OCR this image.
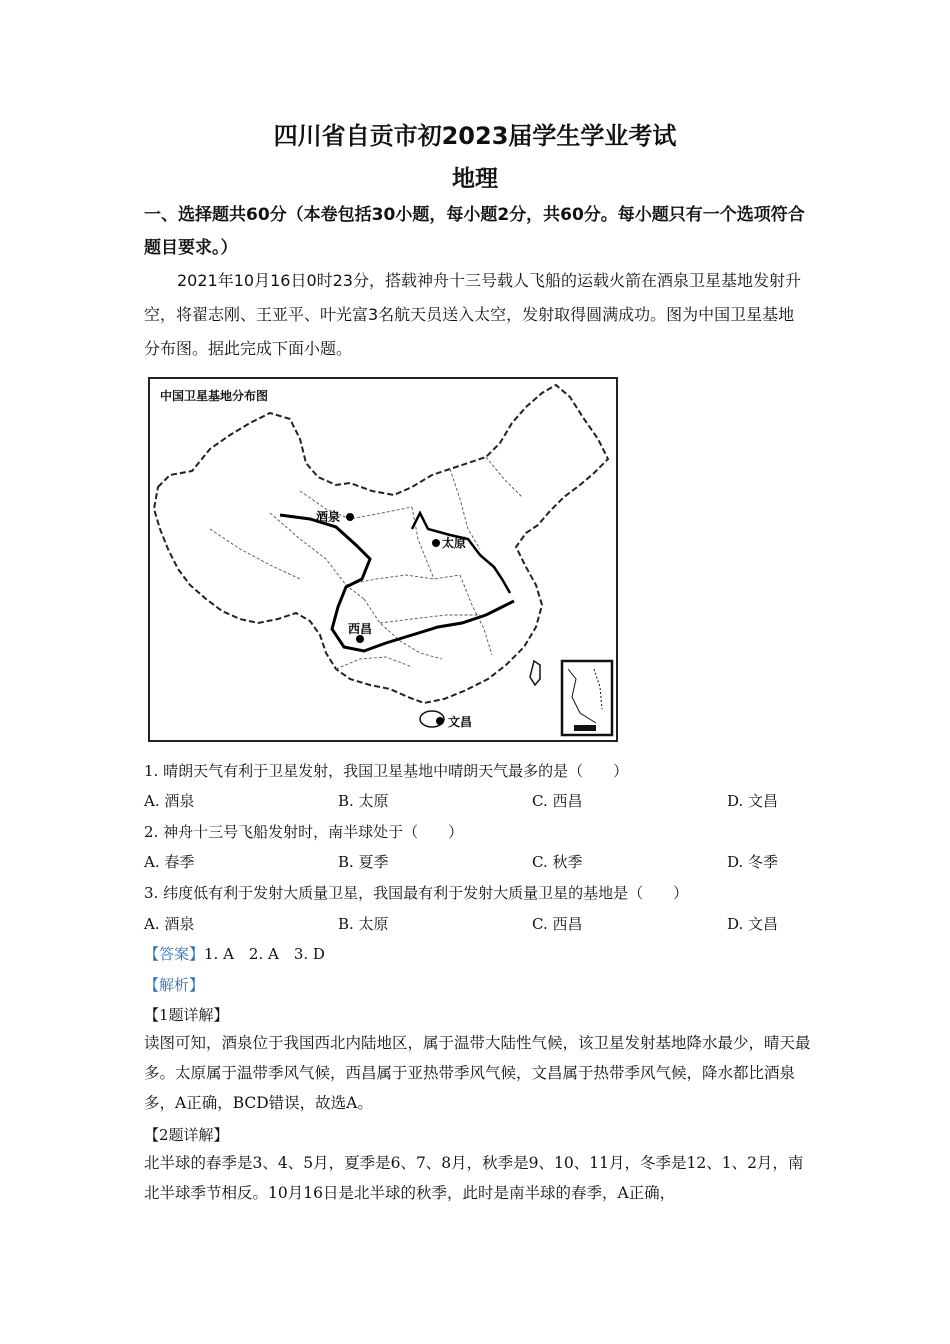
四川省自贡市初2023届学生学业考试
地理
一、选择题共60分（本卷包括30小题，每小题2分，共60分。每小题只有一个选项符合题目要求。）
2021年10月16日0时23分，搭载神舟十三号载人飞船的运载火箭在酒泉卫星基地发射升空，将翟志刚、王亚平、叶光富3名航天员送入太空，发射取得圆满成功。图为中国卫星基地分布图。据此完成下面小题。
中国卫星基地分布图
酒泉
太原
西昌
文昌
1. 晴朗天气有利于卫星发射，我国卫星基地中晴朗天气最多的是（　　）
A. 酒泉	B. 太原	C. 西昌	D. 文昌
2. 神舟十三号飞船发射时，南半球处于（　　）
A. 春季	B. 夏季	C. 秋季	D. 冬季
3. 纬度低有利于发射大质量卫星，我国最有利于发射大质量卫星的基地是（　　）
A. 酒泉	B. 太原	C. 西昌	D. 文昌
【答案】1. A　2. A　3. D
【解析】
【1题详解】
读图可知，酒泉位于我国西北内陆地区，属于温带大陆性气候，该卫星发射基地降水最少，晴天最多。太原属于温带季风气候，西昌属于亚热带季风气候，文昌属于热带季风气候，降水都比酒泉多，A正确，BCD错误，故选A。
【2题详解】
北半球的春季是3、4、5月，夏季是6、7、8月，秋季是9、10、11月，冬季是12、1、2月，南北半球季节相反。10月16日是北半球的秋季，此时是南半球的春季，A正确，
